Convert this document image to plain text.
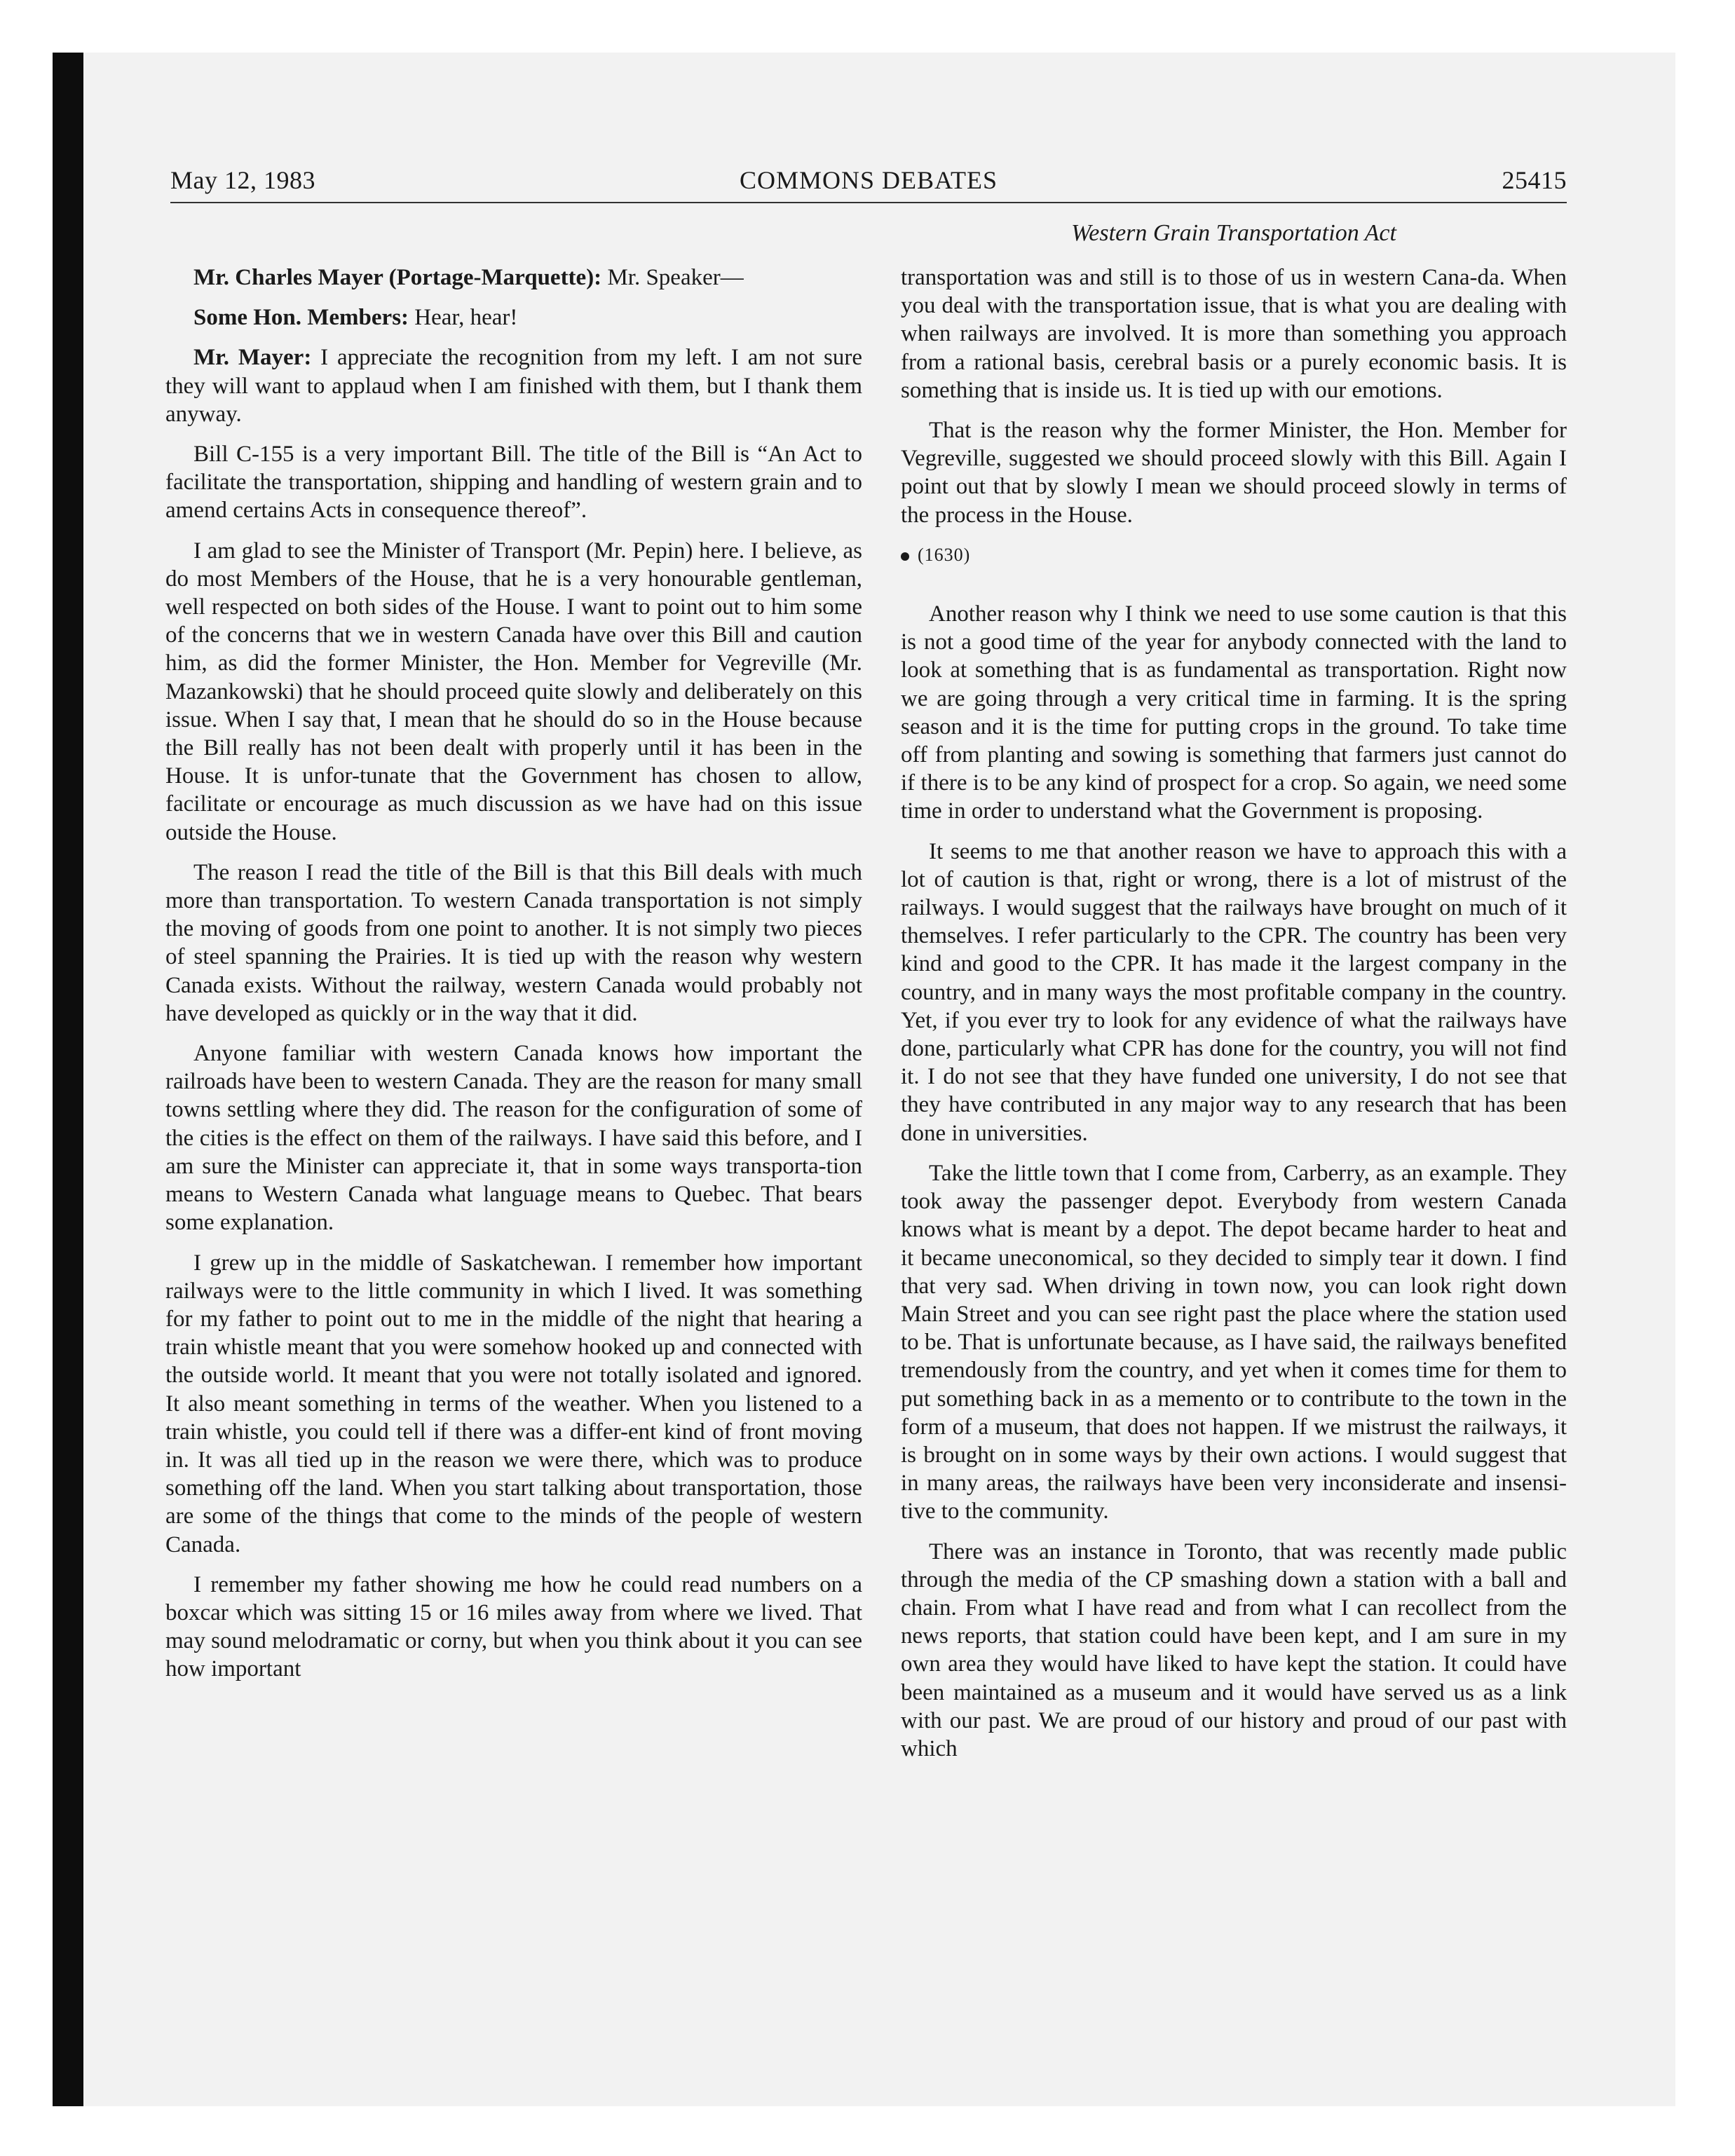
May 12, 1983	COMMONS DEBATES	25415
Western Grain Transportation Act

Mr. Charles Mayer (Portage-Marquette): Mr. Speaker—

Some Hon. Members: Hear, hear!

Mr. Mayer: I appreciate the recognition from my left. I am not sure they will want to applaud when I am finished with them, but I thank them anyway.

Bill C-155 is a very important Bill. The title of the Bill is “An Act to facilitate the transportation, shipping and handling of western grain and to amend certains Acts in consequence thereof”.

I am glad to see the Minister of Transport (Mr. Pepin) here. I believe, as do most Members of the House, that he is a very honourable gentleman, well respected on both sides of the House. I want to point out to him some of the concerns that we in western Canada have over this Bill and caution him, as did the former Minister, the Hon. Member for Vegreville (Mr. Mazankowski) that he should proceed quite slowly and deliberately on this issue. When I say that, I mean that he should do so in the House because the Bill really has not been dealt with properly until it has been in the House. It is unfor-tunate that the Government has chosen to allow, facilitate or encourage as much discussion as we have had on this issue outside the House.

The reason I read the title of the Bill is that this Bill deals with much more than transportation. To western Canada transportation is not simply the moving of goods from one point to another. It is not simply two pieces of steel spanning the Prairies. It is tied up with the reason why western Canada exists. Without the railway, western Canada would probably not have developed as quickly or in the way that it did.

Anyone familiar with western Canada knows how important the railroads have been to western Canada. They are the reason for many small towns settling where they did. The reason for the configuration of some of the cities is the effect on them of the railways. I have said this before, and I am sure the Minister can appreciate it, that in some ways transporta-tion means to Western Canada what language means to Quebec. That bears some explanation.

I grew up in the middle of Saskatchewan. I remember how important railways were to the little community in which I lived. It was something for my father to point out to me in the middle of the night that hearing a train whistle meant that you were somehow hooked up and connected with the outside world. It meant that you were not totally isolated and ignored. It also meant something in terms of the weather. When you listened to a train whistle, you could tell if there was a differ-ent kind of front moving in. It was all tied up in the reason we were there, which was to produce something off the land. When you start talking about transportation, those are some of the things that come to the minds of the people of western Canada.

I remember my father showing me how he could read numbers on a boxcar which was sitting 15 or 16 miles away from where we lived. That may sound melodramatic or corny, but when you think about it you can see how important

transportation was and still is to those of us in western Cana-da. When you deal with the transportation issue, that is what you are dealing with when railways are involved. It is more than something you approach from a rational basis, cerebral basis or a purely economic basis. It is something that is inside us. It is tied up with our emotions.

That is the reason why the former Minister, the Hon. Member for Vegreville, suggested we should proceed slowly with this Bill. Again I point out that by slowly I mean we should proceed slowly in terms of the process in the House.

(1630)

Another reason why I think we need to use some caution is that this is not a good time of the year for anybody connected with the land to look at something that is as fundamental as transportation. Right now we are going through a very critical time in farming. It is the spring season and it is the time for putting crops in the ground. To take time off from planting and sowing is something that farmers just cannot do if there is to be any kind of prospect for a crop. So again, we need some time in order to understand what the Government is proposing.

It seems to me that another reason we have to approach this with a lot of caution is that, right or wrong, there is a lot of mistrust of the railways. I would suggest that the railways have brought on much of it themselves. I refer particularly to the CPR. The country has been very kind and good to the CPR. It has made it the largest company in the country, and in many ways the most profitable company in the country. Yet, if you ever try to look for any evidence of what the railways have done, particularly what CPR has done for the country, you will not find it. I do not see that they have funded one university, I do not see that they have contributed in any major way to any research that has been done in universities.

Take the little town that I come from, Carberry, as an example. They took away the passenger depot. Everybody from western Canada knows what is meant by a depot. The depot became harder to heat and it became uneconomical, so they decided to simply tear it down. I find that very sad. When driving in town now, you can look right down Main Street and you can see right past the place where the station used to be. That is unfortunate because, as I have said, the railways benefited tremendously from the country, and yet when it comes time for them to put something back in as a memento or to contribute to the town in the form of a museum, that does not happen. If we mistrust the railways, it is brought on in some ways by their own actions. I would suggest that in many areas, the railways have been very inconsiderate and insensi-tive to the community.

There was an instance in Toronto, that was recently made public through the media of the CP smashing down a station with a ball and chain. From what I have read and from what I can recollect from the news reports, that station could have been kept, and I am sure in my own area they would have liked to have kept the station. It could have been maintained as a museum and it would have served us as a link with our past. We are proud of our history and proud of our past with which
